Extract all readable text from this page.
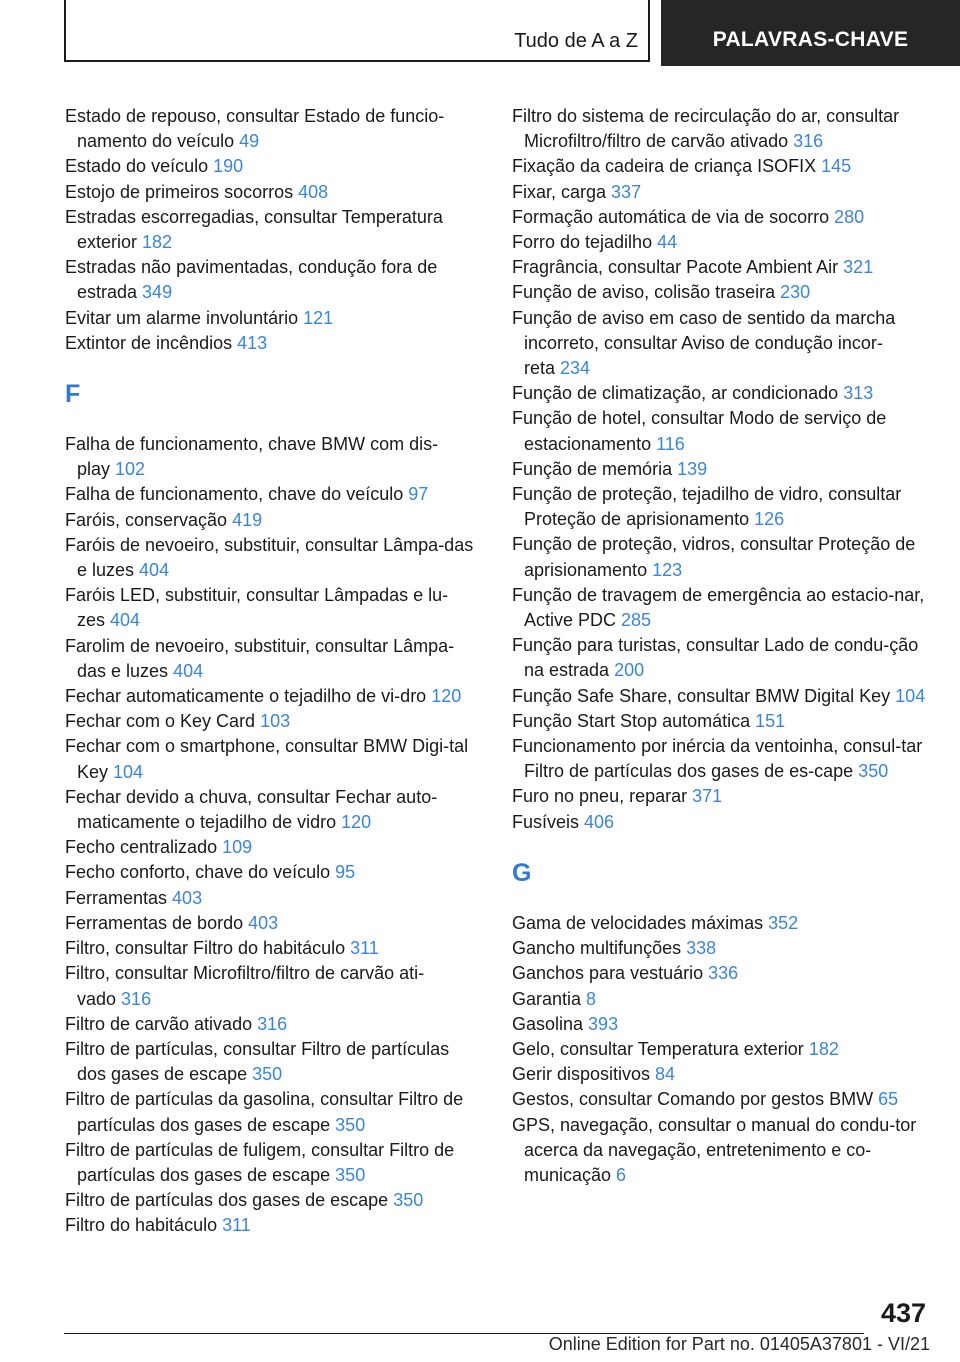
Tudo de A a Z	PALAVRAS-CHAVE
Estado de repouso, consultar Estado de funcio-namento do veículo 49
Estado do veículo 190
Estojo de primeiros socorros 408
Estradas escorregadias, consultar Temperatura exterior 182
Estradas não pavimentadas, condução fora de estrada 349
Evitar um alarme involuntário 121
Extintor de incêndios 413
F
Falha de funcionamento, chave BMW com dis-play 102
Falha de funcionamento, chave do veículo 97
Faróis, conservação 419
Faróis de nevoeiro, substituir, consultar Lâmpa-das e luzes 404
Faróis LED, substituir, consultar Lâmpadas e lu-zes 404
Farolim de nevoeiro, substituir, consultar Lâmpa-das e luzes 404
Fechar automaticamente o tejadilho de vi-dro 120
Fechar com o Key Card 103
Fechar com o smartphone, consultar BMW Digi-tal Key 104
Fechar devido a chuva, consultar Fechar auto-maticamente o tejadilho de vidro 120
Fecho centralizado 109
Fecho conforto, chave do veículo 95
Ferramentas 403
Ferramentas de bordo 403
Filtro, consultar Filtro do habitáculo 311
Filtro, consultar Microfiltro/filtro de carvão ati-vado 316
Filtro de carvão ativado 316
Filtro de partículas, consultar Filtro de partículas dos gases de escape 350
Filtro de partículas da gasolina, consultar Filtro de partículas dos gases de escape 350
Filtro de partículas de fuligem, consultar Filtro de partículas dos gases de escape 350
Filtro de partículas dos gases de escape 350
Filtro do habitáculo 311
Filtro do sistema de recirculação do ar, consultar Microfiltro/filtro de carvão ativado 316
Fixação da cadeira de criança ISOFIX 145
Fixar, carga 337
Formação automática de via de socorro 280
Forro do tejadilho 44
Fragrância, consultar Pacote Ambient Air 321
Função de aviso, colisão traseira 230
Função de aviso em caso de sentido da marcha incorreto, consultar Aviso de condução incor-reta 234
Função de climatização, ar condicionado 313
Função de hotel, consultar Modo de serviço de estacionamento 116
Função de memória 139
Função de proteção, tejadilho de vidro, consultar Proteção de aprisionamento 126
Função de proteção, vidros, consultar Proteção de aprisionamento 123
Função de travagem de emergência ao estacio-nar, Active PDC 285
Função para turistas, consultar Lado de condu-ção na estrada 200
Função Safe Share, consultar BMW Digital Key 104
Função Start Stop automática 151
Funcionamento por inércia da ventoinha, consul-tar Filtro de partículas dos gases de es-cape 350
Furo no pneu, reparar 371
Fusíveis 406
G
Gama de velocidades máximas 352
Gancho multifunções 338
Ganchos para vestuário 336
Garantia 8
Gasolina 393
Gelo, consultar Temperatura exterior 182
Gerir dispositivos 84
Gestos, consultar Comando por gestos BMW 65
GPS, navegação, consultar o manual do condu-tor acerca da navegação, entretenimento e co-municação 6
437
Online Edition for Part no. 01405A37801 - VI/21
